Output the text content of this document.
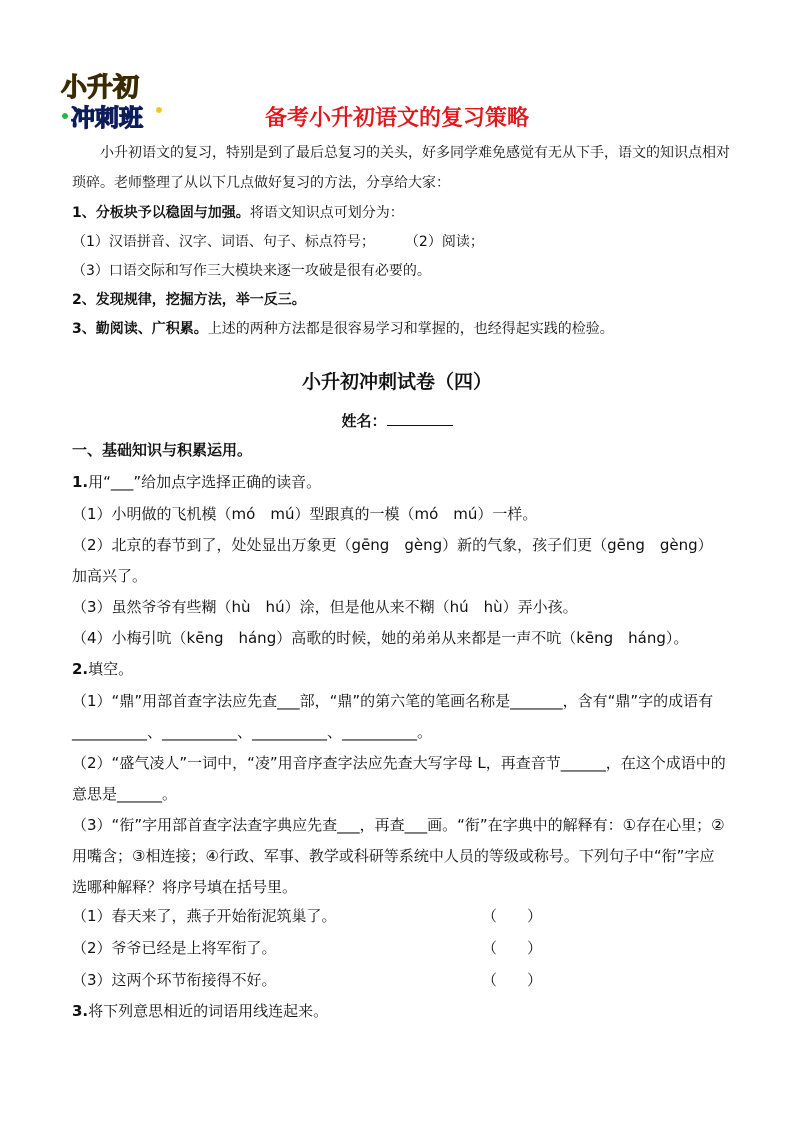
小升初
冲刺班	备考小升初语文的复习策略
小升初语文的复习，特别是到了最后总复习的关头，好多同学难免感觉有无从下手，语文的知识点相对琐碎。老师整理了从以下几点做好复习的方法，分享给大家：
1、分板块予以稳固与加强。将语文知识点可划分为：
（1）汉语拼音、汉字、词语、句子、标点符号； （2）阅读；
（3）口语交际和写作三大模块来逐一攻破是很有必要的。
2、发现规律，挖掘方法，举一反三。
3、勤阅读、广积累。上述的两种方法都是很容易学习和掌握的，也经得起实践的检验。
小升初冲刺试卷（四）
姓名：
一、基础知识与积累运用。
1.用“___”给加点字选择正确的读音。
（1）小明做的飞机模（mó　mú）型跟真的一模（mó　mú）一样。
（2）北京的春节到了，处处显出万象更（gēng　gèng）新的气象，孩子们更（gēng　gèng）
加高兴了。
（3）虽然爷爷有些糊（hù　hú）涂，但是他从来不糊（hú　hù）弄小孩。
（4）小梅引吭（kēng　háng）高歌的时候，她的弟弟从来都是一声不吭（kēng　háng）。
2.填空。
（1）“鼎”用部首查字法应先查___部，“鼎”的第六笔的笔画名称是_______，含有“鼎”字的成语有__________、__________、__________、__________。
（2）“盛气凌人”一词中，“凌”用音序查字法应先查大写字母 L，再查音节______，在这个成语中的意思是______。
（3）“衔”字用部首查字法查字典应先查___，再查___画。“衔”在字典中的解释有：①存在心里；②用嘴含；③相连接；④行政、军事、教学或科研等系统中人员的等级或称号。下列句子中“衔”字应选哪种解释？将序号填在括号里。
（1）春天来了，燕子开始衔泥筑巢了。	（　　）
（2）爷爷已经是上将军衔了。	（　　）
（3）这两个环节衔接得不好。	（　　）
3.将下列意思相近的词语用线连起来。
